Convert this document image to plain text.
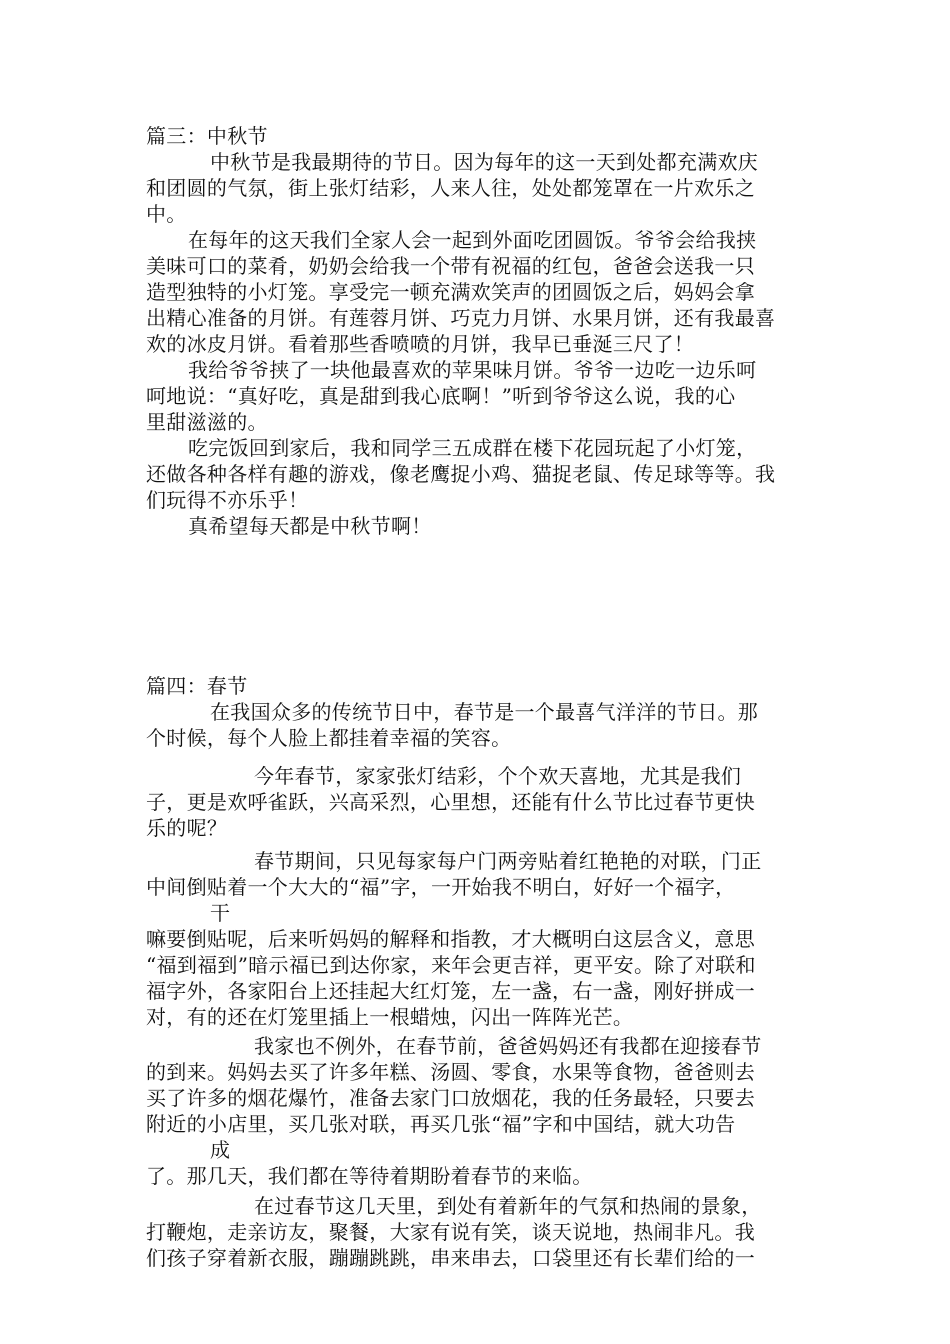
篇三：中秋节
中秋节是我最期待的节日。因为每年的这一天到处都充满欢庆
和团圆的气氛，街上张灯结彩，人来人往，处处都笼罩在一片欢乐之
中。
在每年的这天我们全家人会一起到外面吃团圆饭。爷爷会给我挟
美味可口的菜肴，奶奶会给我一个带有祝福的红包，爸爸会送我一只
造型独特的小灯笼。享受完一顿充满欢笑声的团圆饭之后，妈妈会拿
出精心准备的月饼。有莲蓉月饼、巧克力月饼、水果月饼，还有我最喜
欢的冰皮月饼。看着那些香喷喷的月饼，我早已垂涎三尺了！
我给爷爷挟了一块他最喜欢的苹果味月饼。爷爷一边吃一边乐呵
呵地说：“真好吃，真是甜到我心底啊！”听到爷爷这么说，我的心
里甜滋滋的。
吃完饭回到家后，我和同学三五成群在楼下花园玩起了小灯笼，
还做各种各样有趣的游戏，像老鹰捉小鸡、猫捉老鼠、传足球等等。我
们玩得不亦乐乎！
真希望每天都是中秋节啊！
篇四：春节
在我国众多的传统节日中，春节是一个最喜气洋洋的节日。那
个时候，每个人脸上都挂着幸福的笑容。
今年春节，家家张灯结彩，个个欢天喜地，尤其是我们
子，更是欢呼雀跃，兴高采烈，心里想，还能有什么节比过春节更快
乐的呢？
春节期间，只见每家每户门两旁贴着红艳艳的对联，门正
中间倒贴着一个大大的“福”字，一开始我不明白，好好一个福字，
干
嘛要倒贴呢，后来听妈妈的解释和指教，才大概明白这层含义，意思
“福到福到”暗示福已到达你家，来年会更吉祥，更平安。除了对联和
福字外，各家阳台上还挂起大红灯笼，左一盏，右一盏，刚好拼成一
对，有的还在灯笼里插上一根蜡烛，闪出一阵阵光芒。
我家也不例外，在春节前，爸爸妈妈还有我都在迎接春节
的到来。妈妈去买了许多年糕、汤圆、零食，水果等食物，爸爸则去
买了许多的烟花爆竹，准备去家门口放烟花，我的任务最轻，只要去
附近的小店里，买几张对联，再买几张“福”字和中国结，就大功告
成
了。那几天，我们都在等待着期盼着春节的来临。
在过春节这几天里，到处有着新年的气氛和热闹的景象，
打鞭炮，走亲访友，聚餐，大家有说有笑，谈天说地，热闹非凡。我
们孩子穿着新衣服，蹦蹦跳跳，串来串去，口袋里还有长辈们给的一
